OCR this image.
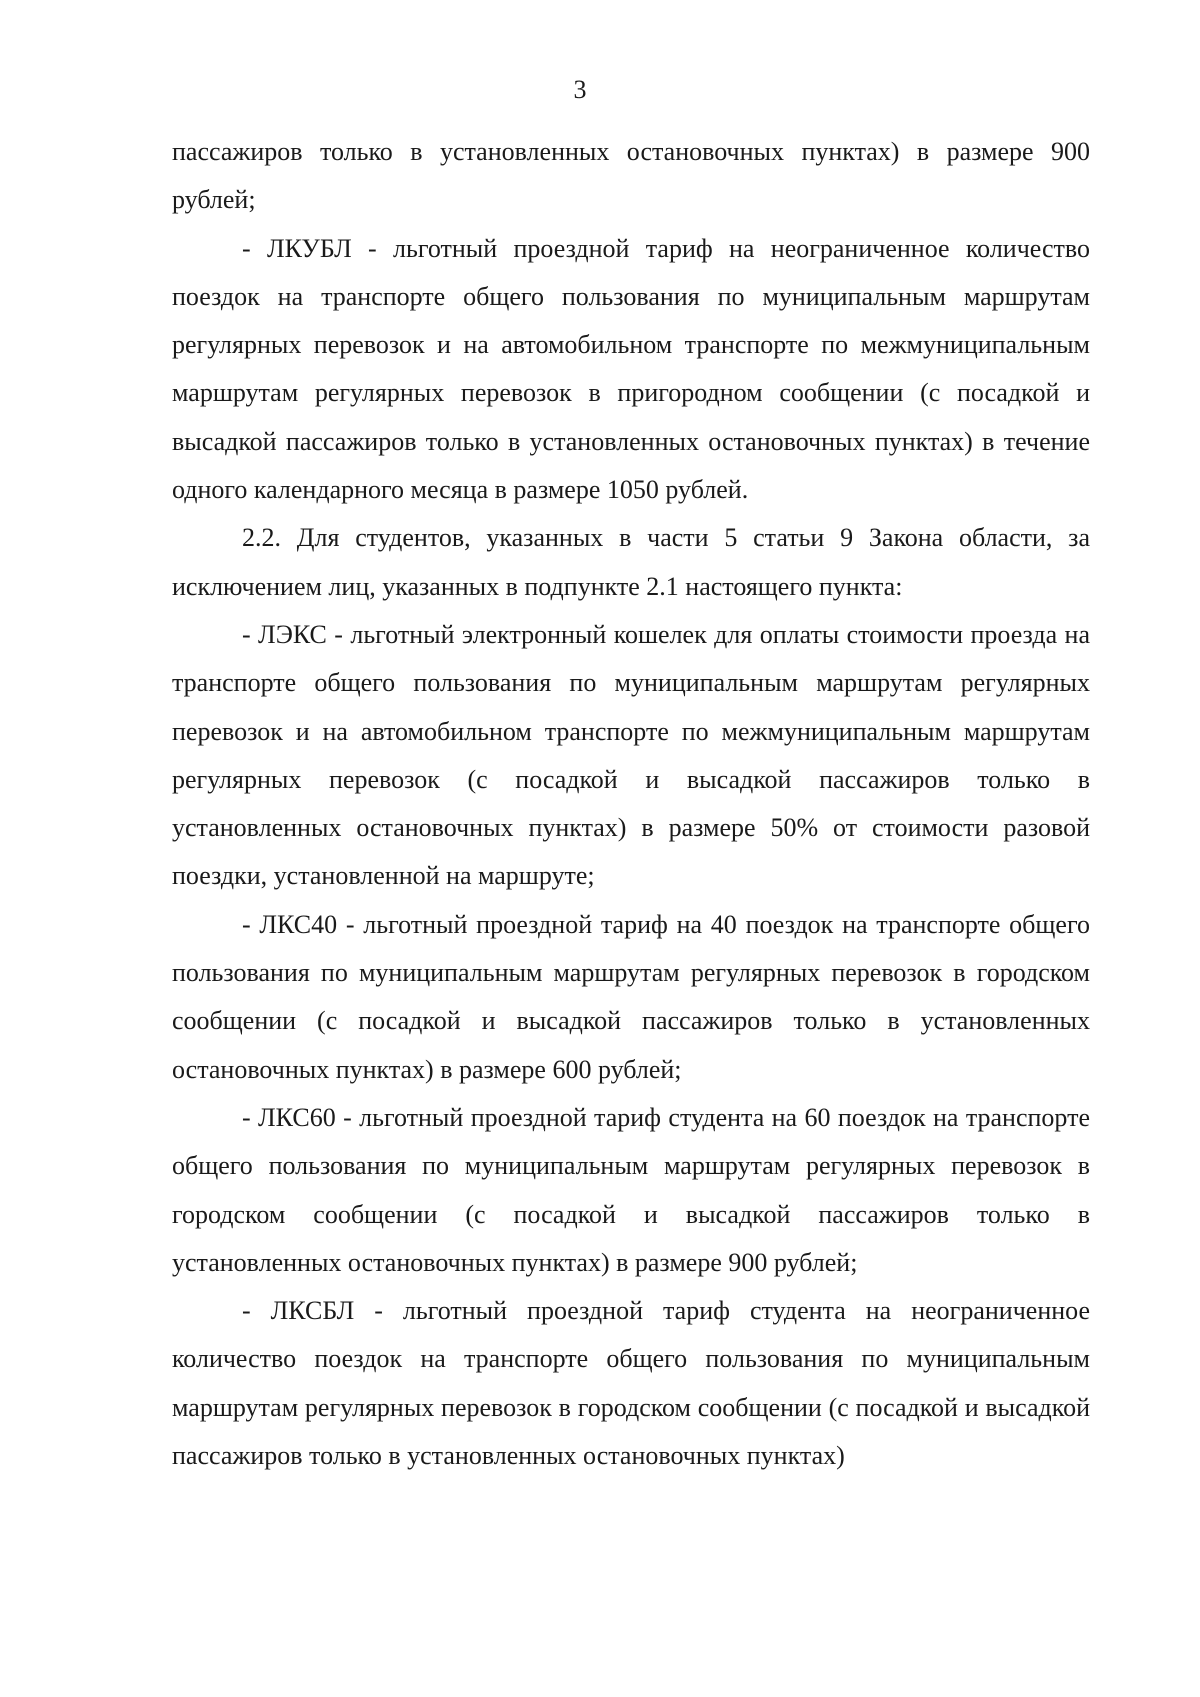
3

пассажиров только в установленных остановочных пунктах) в размере 900 рублей;

- ЛКУБЛ - льготный проездной тариф на неограниченное количество поездок на транспорте общего пользования по муниципальным маршрутам регулярных перевозок и на автомобильном транспорте по межмуниципальным маршрутам регулярных перевозок в пригородном сообщении (с посадкой и высадкой пассажиров только в установленных остановочных пунктах) в течение одного календарного месяца в размере 1050 рублей.

2.2. Для студентов, указанных в части 5 статьи 9 Закона области, за исключением лиц, указанных в подпункте 2.1 настоящего пункта:

- ЛЭКС - льготный электронный кошелек для оплаты стоимости проезда на транспорте общего пользования по муниципальным маршрутам регулярных перевозок и на автомобильном транспорте по межмуниципальным маршрутам регулярных перевозок (с посадкой и высадкой пассажиров только в установленных остановочных пунктах) в размере 50% от стоимости разовой поездки, установленной на маршруте;

- ЛКС40 - льготный проездной тариф на 40 поездок на транспорте общего пользования по муниципальным маршрутам регулярных перевозок в городском сообщении (с посадкой и высадкой пассажиров только в установленных остановочных пунктах) в размере 600 рублей;

- ЛКС60 - льготный проездной тариф студента на 60 поездок на транспорте общего пользования по муниципальным маршрутам регулярных перевозок в городском сообщении (с посадкой и высадкой пассажиров только в установленных остановочных пунктах) в размере 900 рублей;

- ЛКСБЛ - льготный проездной тариф студента на неограниченное количество поездок на транспорте общего пользования по муниципальным маршрутам регулярных перевозок в городском сообщении (с посадкой и высадкой пассажиров только в установленных остановочных пунктах)
